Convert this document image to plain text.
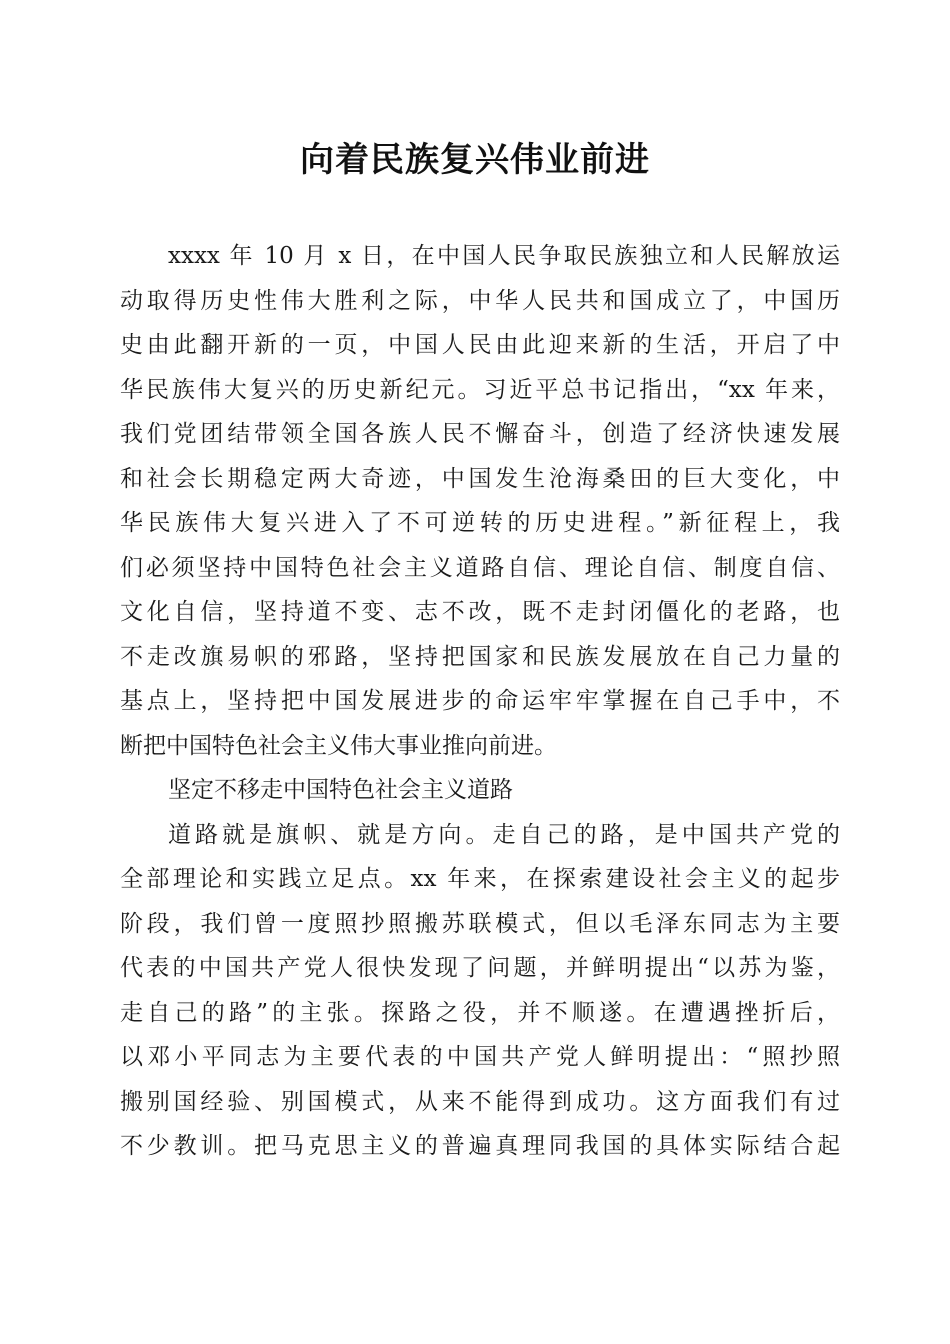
向着民族复兴伟业前进
xxxx 年 10 月 x 日，在中国人民争取民族独立和人民解放运
动取得历史性伟大胜利之际，中华人民共和国成立了，中国历
史由此翻开新的一页，中国人民由此迎来新的生活，开启了中
华民族伟大复兴的历史新纪元。习近平总书记指出，“xx 年来，
我们党团结带领全国各族人民不懈奋斗，创造了经济快速发展
和社会长期稳定两大奇迹，中国发生沧海桑田的巨大变化，中
华民族伟大复兴进入了不可逆转的历史进程。”新征程上，我
们必须坚持中国特色社会主义道路自信、理论自信、制度自信、
文化自信，坚持道不变、志不改，既不走封闭僵化的老路，也
不走改旗易帜的邪路，坚持把国家和民族发展放在自己力量的
基点上，坚持把中国发展进步的命运牢牢掌握在自己手中，不
断把中国特色社会主义伟大事业推向前进。
坚定不移走中国特色社会主义道路
道路就是旗帜、就是方向。走自己的路，是中国共产党的
全部理论和实践立足点。xx 年来，在探索建设社会主义的起步
阶段，我们曾一度照抄照搬苏联模式，但以毛泽东同志为主要
代表的中国共产党人很快发现了问题，并鲜明提出“以苏为鉴，
走自己的路”的主张。探路之役，并不顺遂。在遭遇挫折后，
以邓小平同志为主要代表的中国共产党人鲜明提出：“照抄照
搬别国经验、别国模式，从来不能得到成功。这方面我们有过
不少教训。把马克思主义的普遍真理同我国的具体实际结合起
